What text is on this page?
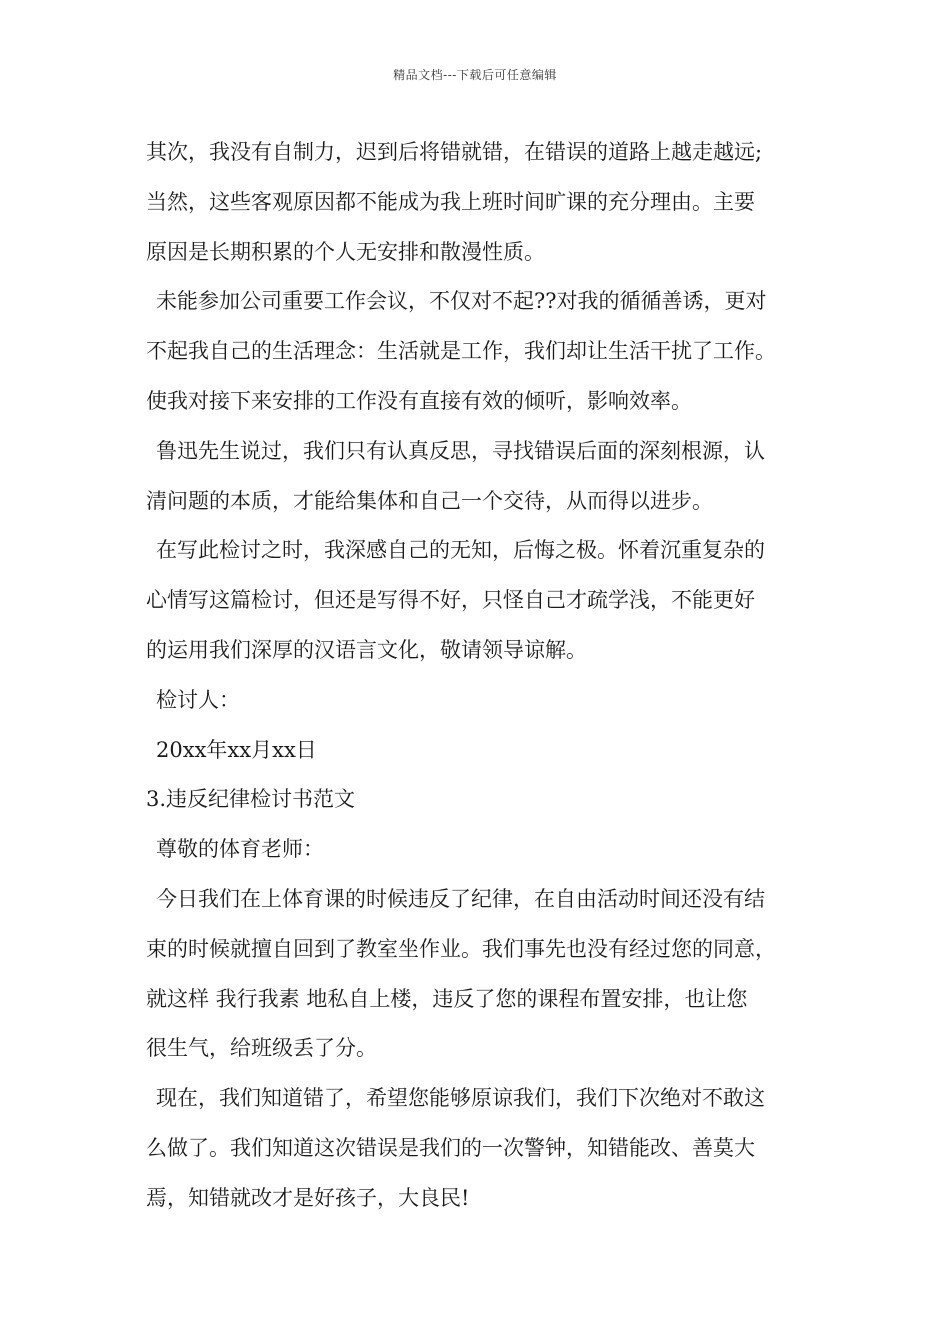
精品文档---下载后可任意编辑
其次，我没有自制力，迟到后将错就错，在错误的道路上越走越远;
当然，这些客观原因都不能成为我上班时间旷课的充分理由。主要
原因是长期积累的个人无安排和散漫性质。
未能参加公司重要工作会议，不仅对不起??对我的循循善诱，更对
不起我自己的生活理念：生活就是工作，我们却让生活干扰了工作。
使我对接下来安排的工作没有直接有效的倾听，影响效率。
鲁迅先生说过，我们只有认真反思，寻找错误后面的深刻根源，认
清问题的本质，才能给集体和自己一个交待，从而得以进步。
在写此检讨之时，我深感自己的无知，后悔之极。怀着沉重复杂的
心情写这篇检讨，但还是写得不好，只怪自己才疏学浅，不能更好
的运用我们深厚的汉语言文化，敬请领导谅解。
检讨人：
20xx年xx月xx日
3.违反纪律检讨书范文
尊敬的体育老师：
今日我们在上体育课的时候违反了纪律，在自由活动时间还没有结
束的时候就擅自回到了教室坐作业。我们事先也没有经过您的同意，
就这样 我行我素 地私自上楼，违反了您的课程布置安排，也让您
很生气，给班级丢了分。
现在，我们知道错了，希望您能够原谅我们，我们下次绝对不敢这
么做了。我们知道这次错误是我们的一次警钟，知错能改、善莫大
焉，知错就改才是好孩子，大良民!
